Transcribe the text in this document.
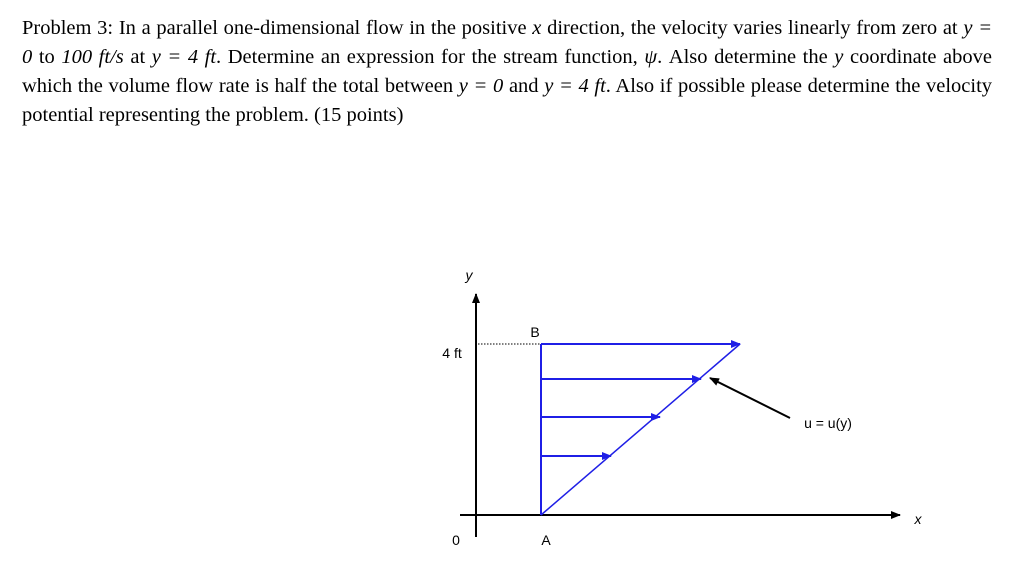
Problem 3: In a parallel one-dimensional flow in the positive x direction, the velocity varies linearly from zero at y = 0 to 100 ft/s at y = 4 ft. Determine an expression for the stream function, ψ. Also determine the y coordinate above which the volume flow rate is half the total between y = 0 and y = 4 ft. Also if possible please determine the velocity potential representing the problem. (15 points)

y
x
4 ft
0
B
A
u = u(y)
